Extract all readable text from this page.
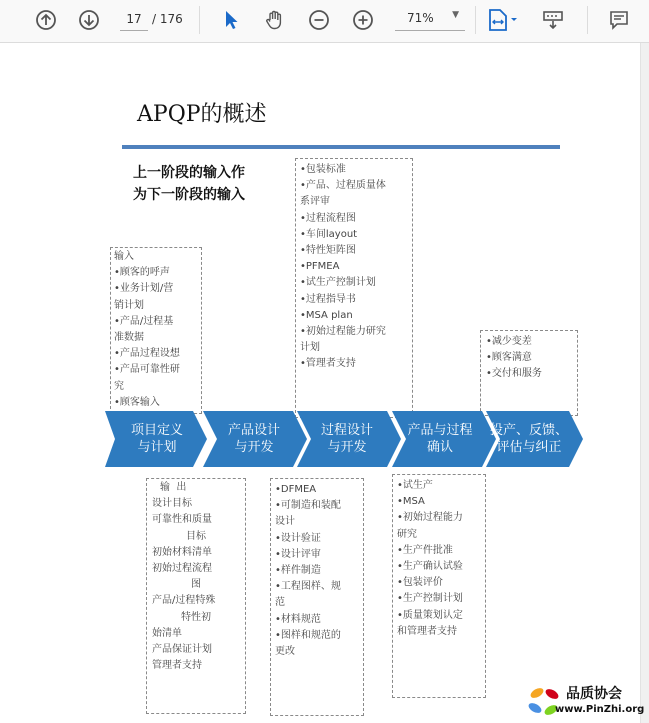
17 / 176	71% ▼
APQP的概述
上一阶段的输入作
为下一阶段的输入
输入
•顾客的呼声
•业务计划/营
销计划
•产品/过程基
准数据
•产品过程设想
•产品可靠性研
究
•顾客输入
•包装标准
•产品、过程质量体
系评审
•过程流程图
•车间layout
•特性矩阵图
•PFMEA
•试生产控制计划
•过程指导书
•MSA plan
•初始过程能力研究
计划
•管理者支持
•减少变差
•顾客满意
•交付和服务
项目定义
与计划
产品设计
与开发
过程设计
与开发
产品与过程
确认
投产、反馈、
评估与纠正
输  出
设计目标
可靠性和质量
目标
初始材料清单
初始过程流程
图
产品/过程特殊
特性初
始清单
产品保证计划
管理者支持
•DFMEA
•可制造和装配
设计
•设计验证
•设计评审
•样件制造
•工程图样、规
范
•材料规范
•图样和规范的
更改
•试生产
•MSA
•初始过程能力
研究
•生产件批准
•生产确认试验
•包装评价
•生产控制计划
•质量策划认定
和管理者支持
品质协会
www.PinZhi.org
